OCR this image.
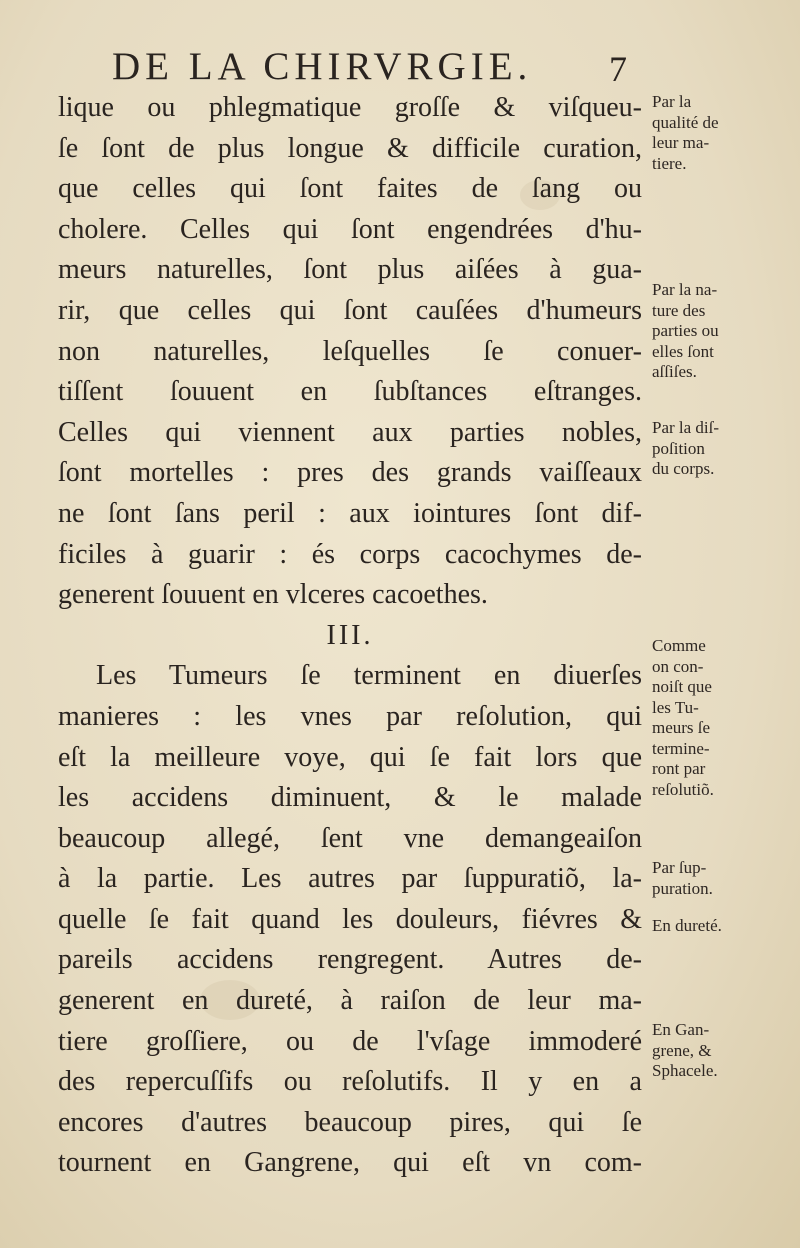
DE LA CHIRVRGIE. 7
lique ou phlegmatique groſſe & viſqueu-
ſe ſont de plus longue & difficile curation,
que celles qui ſont faites de ſang ou
cholere. Celles qui ſont engendrées d'hu-
meurs naturelles, ſont plus aiſées à gua-
rir, que celles qui ſont cauſées d'humeurs
non naturelles, leſquelles ſe conuer-
tiſſent ſouuent en ſubſtances eſtranges.
Celles qui viennent aux parties nobles,
ſont mortelles : pres des grands vaiſſeaux
ne ſont ſans peril : aux iointures ſont dif-
ficiles à guarir : és corps cacochymes de-
generent ſouuent en vlceres cacoethes.
III.
Les Tumeurs ſe terminent en diuerſes
manieres : les vnes par reſolution, qui
eſt la meilleure voye, qui ſe fait lors que
les accidens diminuent, & le malade
beaucoup allegé, ſent vne demangeaiſon
à la partie. Les autres par ſuppuratiõ, la-
quelle ſe fait quand les douleurs, fiévres &
pareils accidens rengregent. Autres de-
generent en dureté, à raiſon de leur ma-
tiere groſſiere, ou de l'vſage immoderé
des repercuſſifs ou reſolutifs. Il y en a
encores d'autres beaucoup pires, qui ſe
tournent en Gangrene, qui eſt vn com-
Par la
qualité de
leur ma-
tiere.
Par la na-
ture des
parties ou
elles ſont
aſſiſes.
Par la diſ-
poſition
du corps.
Comme
on con-
noiſt que
les Tu-
meurs ſe
termine-
ront par
reſolutiõ.
Par ſup-
puration.
En dureté.
En Gan-
grene, &
Sphacele.
